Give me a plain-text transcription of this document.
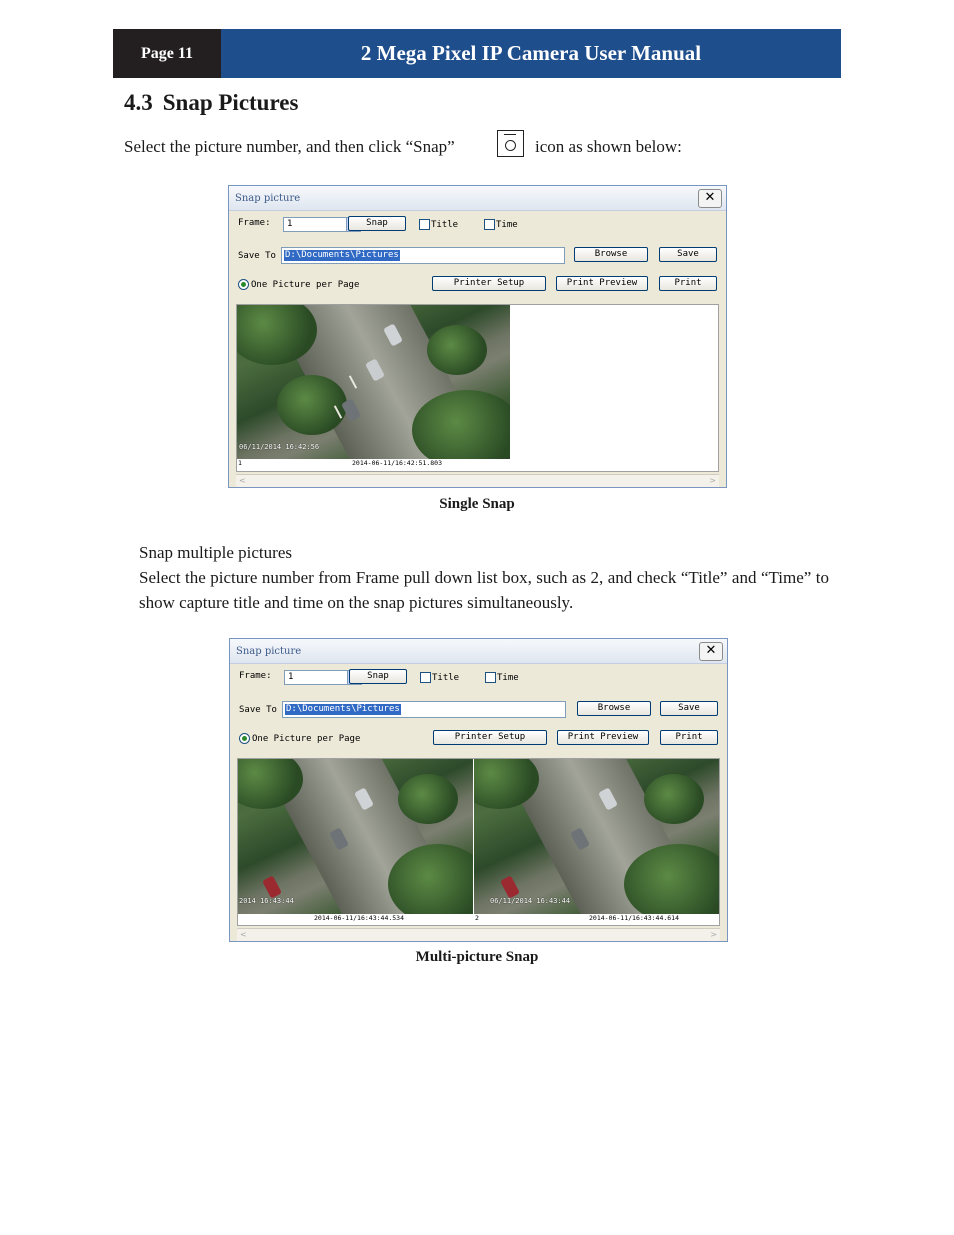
Page 11	2 Mega Pixel IP Camera User Manual
4.3 Snap Pictures
Select the picture number, and then click “Snap”	icon as shown below:
Snap picture	✕
Frame: 1	Snap	Title	Time
Save To D:\Documents\Pictures	Browse	Save
One Picture per Page	Printer Setup	Print Preview	Print
06/11/2014 16:42:56
1	2014-06-11/16:42:51.803
<	>
Single Snap
Snap multiple pictures
Select the picture number from Frame pull down list box, such as 2, and check “Title” and “Time” to show capture title and time on the snap pictures simultaneously.
Snap picture	✕
Frame: 1	Snap	Title	Time
Save To D:\Documents\Pictures	Browse	Save
One Picture per Page	Printer Setup	Print Preview	Print
2014 16:43:44
2014-06-11/16:43:44.534
06/11/2014 16:43:44
2	2014-06-11/16:43:44.614
<	>
Multi-picture Snap
